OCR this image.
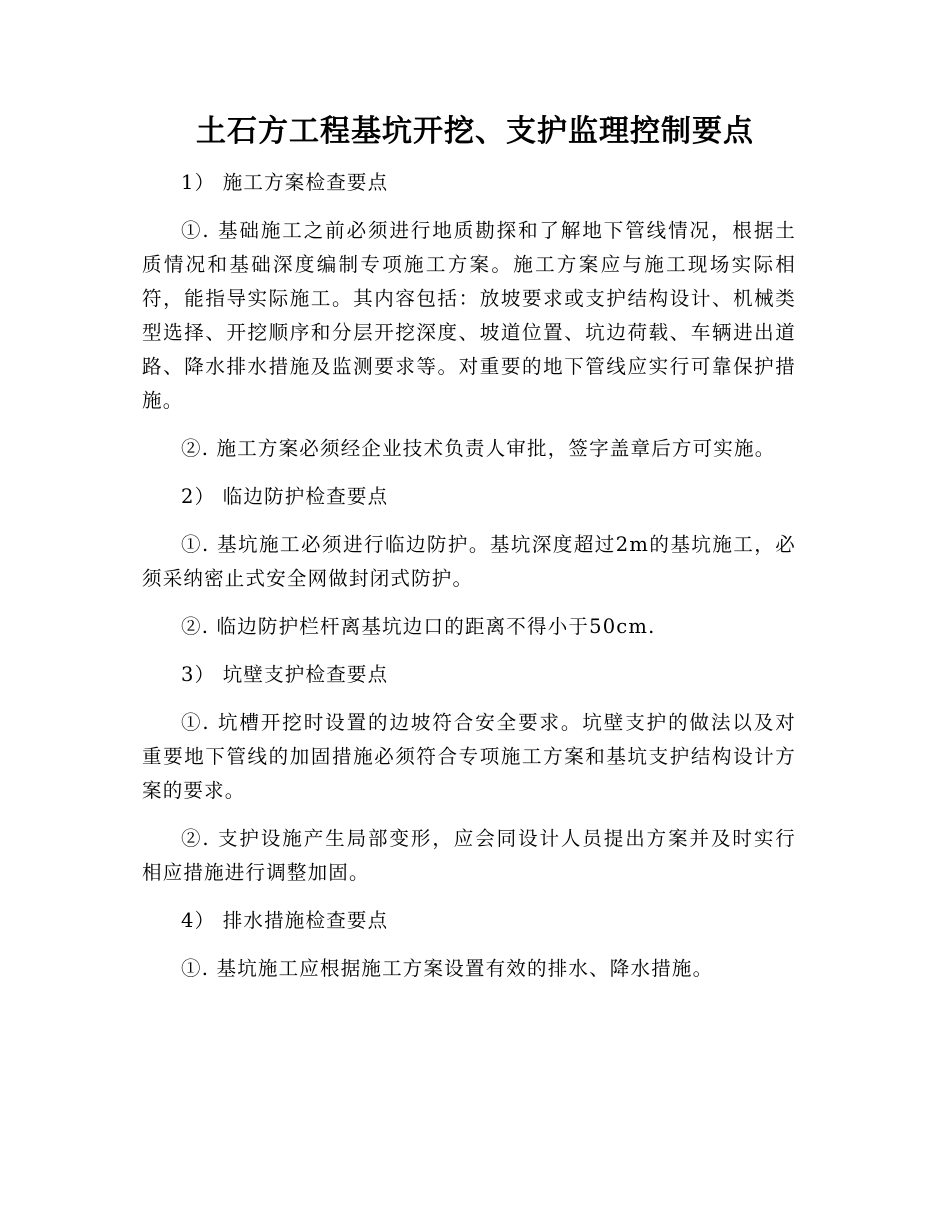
土石方工程基坑开挖、支护监理控制要点

1） 施工方案检查要点

①. 基础施工之前必须进行地质勘探和了解地下管线情况，根据土质情况和基础深度编制专项施工方案。施工方案应与施工现场实际相符，能指导实际施工。其内容包括：放坡要求或支护结构设计、机械类型选择、开挖顺序和分层开挖深度、坡道位置、坑边荷载、车辆进出道路、降水排水措施及监测要求等。对重要的地下管线应实行可靠保护措施。

②. 施工方案必须经企业技术负责人审批，签字盖章后方可实施。

2） 临边防护检查要点

①. 基坑施工必须进行临边防护。基坑深度超过2m的基坑施工，必须采纳密止式安全网做封闭式防护。

②. 临边防护栏杆离基坑边口的距离不得小于50cm.

3） 坑壁支护检查要点

①. 坑槽开挖时设置的边坡符合安全要求。坑壁支护的做法以及对重要地下管线的加固措施必须符合专项施工方案和基坑支护结构设计方案的要求。

②. 支护设施产生局部变形，应会同设计人员提出方案并及时实行相应措施进行调整加固。

4） 排水措施检查要点

①. 基坑施工应根据施工方案设置有效的排水、降水措施。
